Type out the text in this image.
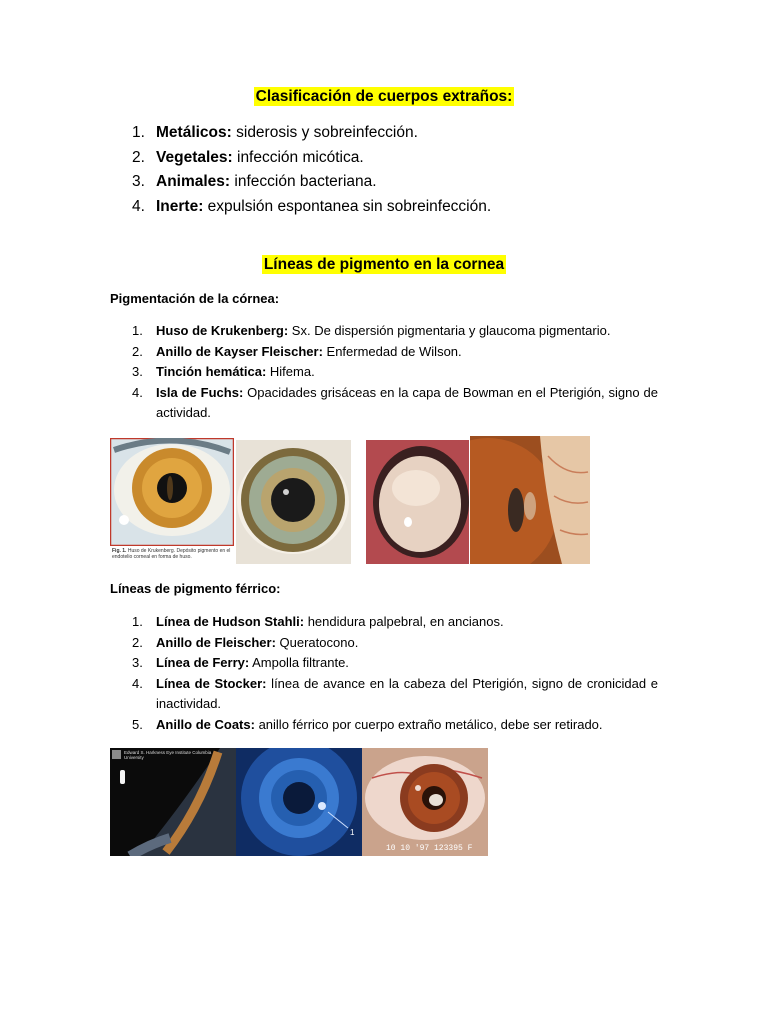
Clasificación de cuerpos extraños:
1. Metálicos: siderosis y sobreinfección.
2. Vegetales: infección micótica.
3. Animales: infección bacteriana.
4. Inerte: expulsión espontanea sin sobreinfección.
Líneas de pigmento en la cornea
Pigmentación de la córnea:
1. Huso de Krukenberg: Sx. De dispersión pigmentaria y glaucoma pigmentario.
2. Anillo de Kayser Fleischer: Enfermedad de Wilson.
3. Tinción hemática: Hifema.
4. Isla de Fuchs: Opacidades grisáceas en la capa de Bowman en el Pterigión, signo de actividad.
Fig. 1. Huso de Krukenberg. Depósito pigmento en el endotelio corneal en forma de huso.
Líneas de pigmento férrico:
1. Línea de Hudson Stahli: hendidura palpebral, en ancianos.
2. Anillo de Fleischer: Queratocono.
3. Línea de Ferry: Ampolla filtrante.
4. Línea de Stocker: línea de avance en la cabeza del Pterigión, signo de cronicidad e inactividad.
5. Anillo de Coats: anillo férrico por cuerpo extraño metálico, debe ser retirado.
Edward S. Harkness Eye Institute Columbia University
1
10 10 '97 123395 F
